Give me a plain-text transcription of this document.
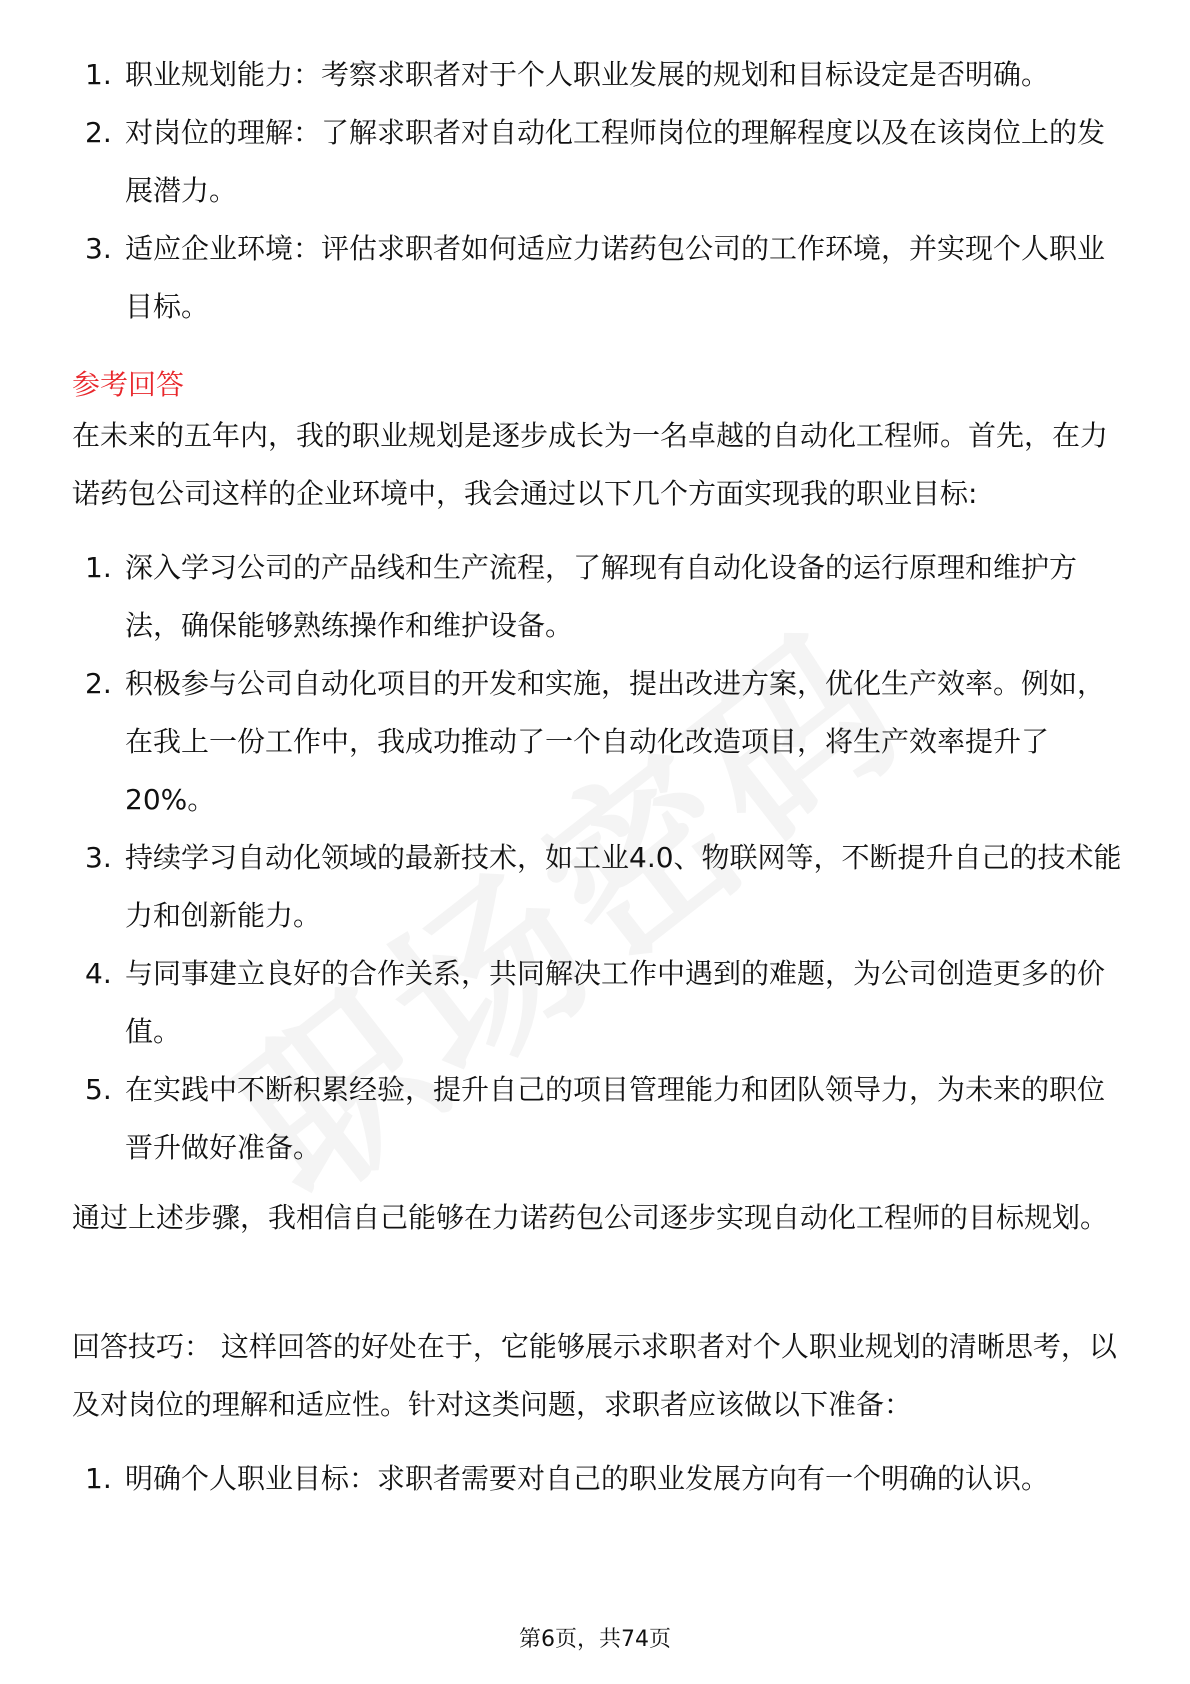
1. 职业规划能力：考察求职者对于个人职业发展的规划和目标设定是否明确。
2. 对岗位的理解：了解求职者对自动化工程师岗位的理解程度以及在该岗位上的发展潜力。
3. 适应企业环境：评估求职者如何适应力诺药包公司的工作环境，并实现个人职业目标。
参考回答

在未来的五年内，我的职业规划是逐步成长为一名卓越的自动化工程师。首先，在力诺药包公司这样的企业环境中，我会通过以下几个方面实现我的职业目标:

1. 深入学习公司的产品线和生产流程，了解现有自动化设备的运行原理和维护方法，确保能够熟练操作和维护设备。
2. 积极参与公司自动化项目的开发和实施，提出改进方案，优化生产效率。例如，在我上一份工作中，我成功推动了一个自动化改造项目，将生产效率提升了20%。
3. 持续学习自动化领域的最新技术，如工业4.0、物联网等，不断提升自己的技术能力和创新能力。
4. 与同事建立良好的合作关系，共同解决工作中遇到的难题，为公司创造更多的价值。
5. 在实践中不断积累经验，提升自己的项目管理能力和团队领导力，为未来的职位晋升做好准备。

通过上述步骤，我相信自己能够在力诺药包公司逐步实现自动化工程师的目标规划。

回答技巧： 这样回答的好处在于，它能够展示求职者对个人职业规划的清晰思考，以及对岗位的理解和适应性。针对这类问题，求职者应该做以下准备：

1. 明确个人职业目标：求职者需要对自己的职业发展方向有一个明确的认识。
第6页，共74页
